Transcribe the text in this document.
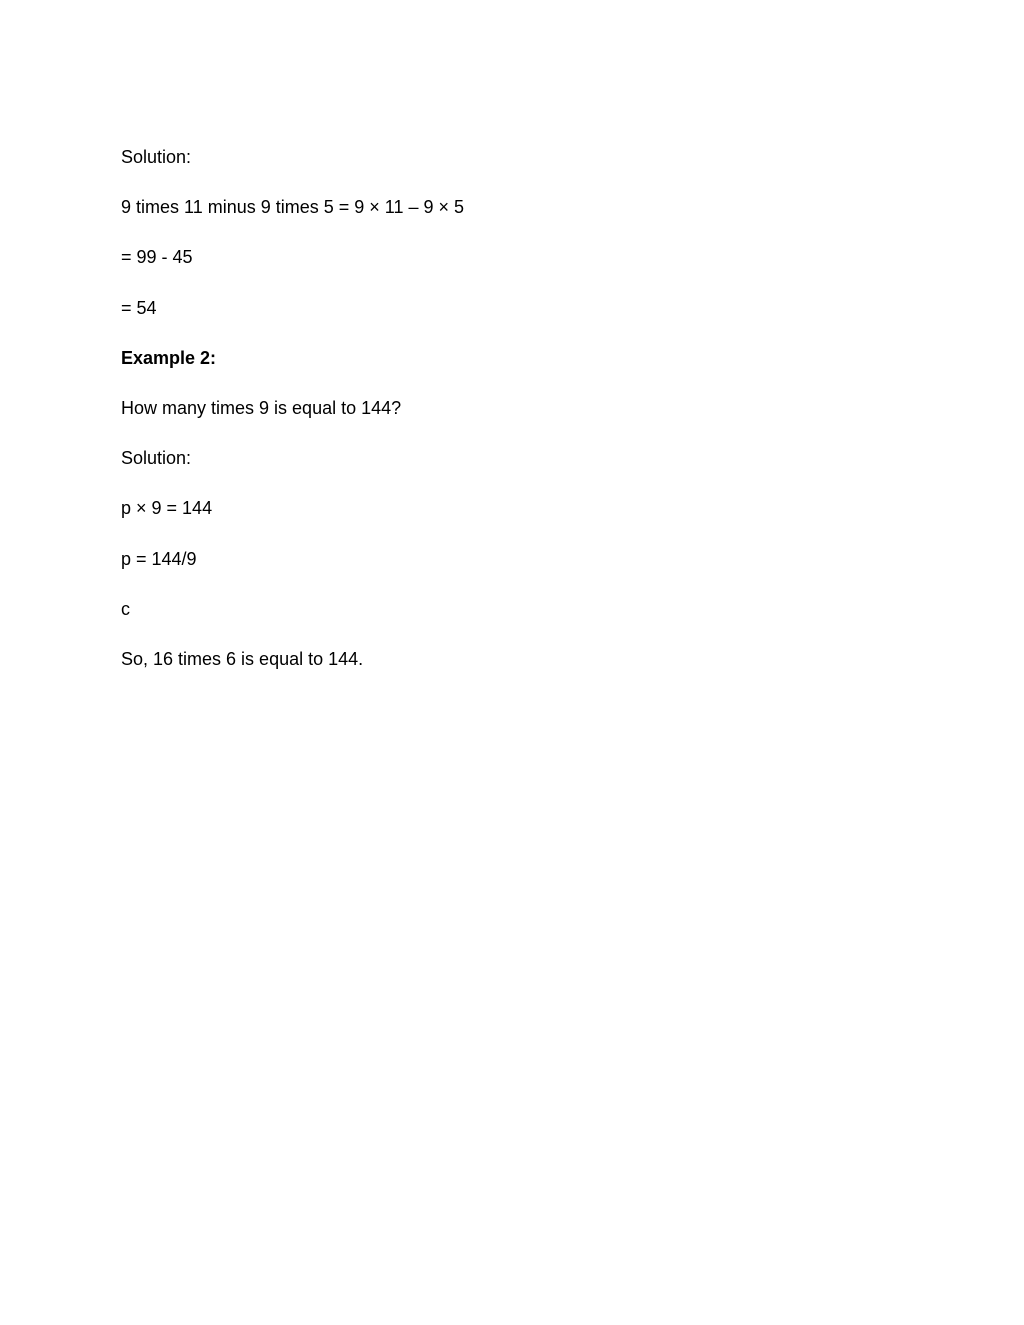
Solution:

9 times 11 minus 9 times 5 = 9 × 11 – 9 × 5

= 99 - 45

= 54

Example 2:

How many times 9 is equal to 144?

Solution:

p × 9 = 144

p = 144/9

c

So, 16 times 6 is equal to 144.
